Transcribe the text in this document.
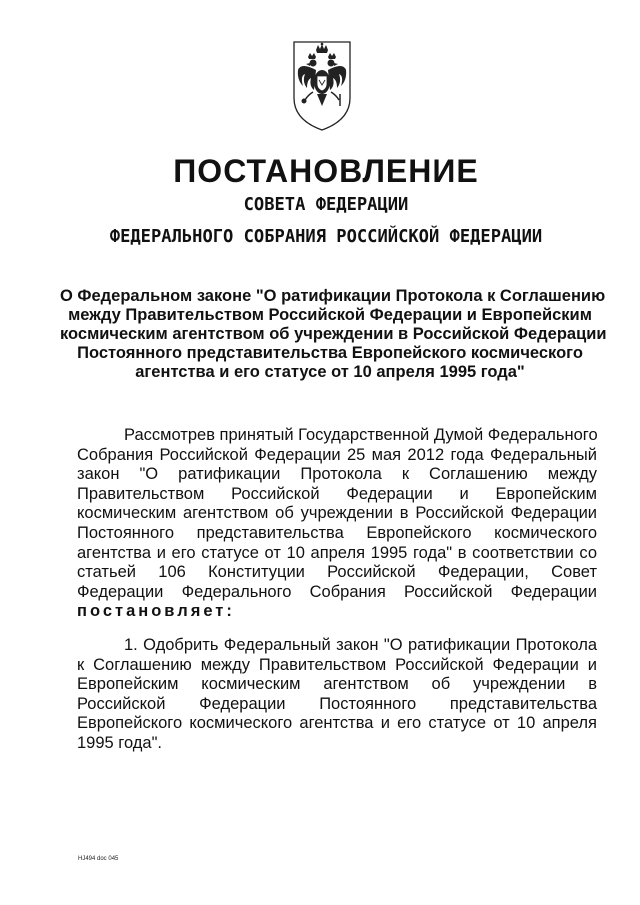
ПОСТАНОВЛЕНИЕ
СОВЕТА ФЕДЕРАЦИИ
ФЕДЕРАЛЬНОГО СОБРАНИЯ РОССИЙСКОЙ ФЕДЕРАЦИИ
О Федеральном законе "О ратификации Протокола к Соглашению
между Правительством Российской Федерации и Европейским
космическим агентством об учреждении в Российской Федерации
Постоянного представительства Европейского космического
агентства и его статусе от 10 апреля 1995 года"
Рассмотрев принятый Государственной Думой Федерального
Собрания Российской Федерации 25 мая 2012 года Федеральный
закон "О ратификации Протокола к Соглашению между
Правительством Российской Федерации и Европейским
космическим агентством об учреждении в Российской Федерации
Постоянного представительства Европейского космического
агентства и его статусе от 10 апреля 1995 года" в соответствии со
статьей 106 Конституции Российской Федерации, Совет
Федерации Федерального Собрания Российской Федерации
постановляет:
1. Одобрить Федеральный закон "О ратификации Протокола
к Соглашению между Правительством Российской Федерации и
Европейским космическим агентством об учреждении в
Российской Федерации Постоянного представительства
Европейского космического агентства и его статусе от 10 апреля
1995 года".
HJ494 doc 045
